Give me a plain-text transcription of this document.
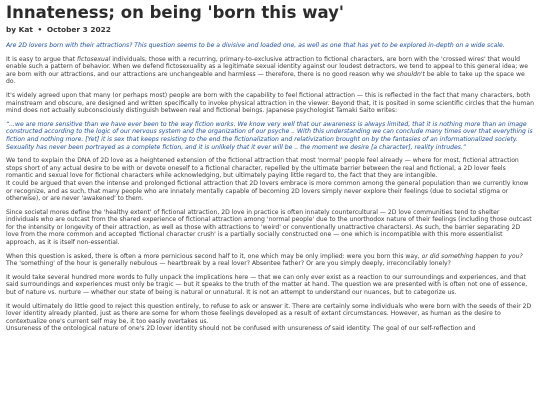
Innateness; on being 'born this way'
by Kat • October 3 2022

Are 2D lovers born with their attractions? This question seems to be a divisive and loaded one, as well as one that has yet to be explored in-depth on a wide scale.

It is easy to argue that fictosexual individuals, those with a recurring, primary-to-exclusive attraction to fictional characters, are born with the 'crossed wires' that would enable such a pattern of behavior. When we defend fictosexuality as a legitimate sexual identity against our loudest detractors, we tend to appeal to this general idea; we are born with our attractions, and our attractions are unchangeable and harmless — therefore, there is no good reason why we shouldn't be able to take up the space we do.

It's widely agreed upon that many (or perhaps most) people are born with the capability to feel fictional attraction — this is reflected in the fact that many characters, both mainstream and obscure, are designed and written specifically to invoke physical attraction in the viewer. Beyond that, it is posited in some scientific circles that the human mind does not actually subconsciously distinguish between real and fictional beings. Japanese psychologist Tamaki Saito writes:

“...we are more sensitive than we have ever been to the way fiction works. We know very well that our awareness is always limited, that it is nothing more than an image constructed according to the logic of our nervous system and the organization of our psyche .. With this understanding we can conclude many times over that everything is fiction and nothing more. [Yet] it is sex that keeps resisting to the end the fictionalization and relativization brought on by the fantasies of an informationalized society. Sexuality has never been portrayed as a complete fiction, and it is unlikely that it ever will be .. the moment we desire [a character], reality intrudes.”

We tend to explain the DNA of 2D love as a heightened extension of the fictional attraction that most 'normal' people feel already — where for most, fictional attraction stops short of any actual desire to be with or devote oneself to a fictional character, repelled by the ultimate barrier between the real and fictional, a 2D lover feels romantic and sexual love for fictional characters while acknowledging, but ultimately paying little regard to, the fact that they are intangible.

It could be argued that even the intense and prolonged fictional attraction that 2D lovers embrace is more common among the general population than we currently know or recognize, and as such, that many people who are innately mentally capable of becoming 2D lovers simply never explore their feelings (due to societal stigma or otherwise), or are never 'awakened' to them.

Since societal mores define the 'healthy extent' of fictional attraction, 2D love in practice is often innately countercultural — 2D love communities tend to shelter individuals who are outcast from the shared experience of fictional attraction among 'normal people' due to the unorthodox nature of their feelings (including those outcast for the intensity or longevity of their attraction, as well as those with attractions to 'weird' or conventionally unattractive characters). As such, the barrier separating 2D love from the more common and accepted 'fictional character crush' is a partially socially constructed one — one which is incompatible with this more essentialist approach, as it is itself non-essential.

When this question is asked, there is often a more pernicious second half to it, one which may be only implied: were you born this way, or did something happen to you? The 'something' of the hour is generally nebulous — heartbreak by a real lover? Absentee father? Or are you simply deeply, irreconcilably lonely?

It would take several hundred more words to fully unpack the implications here — that we can only ever exist as a reaction to our surroundings and experiences, and that said surroundings and experiences must only be tragic — but it speaks to the truth of the matter at hand. The question we are presented with is often not one of essence, but of nature vs. nurture — whether our state of being is natural or unnatural. It is not an attempt to understand our nuances, but to categorize us.

It would ultimately do little good to reject this question entirely, to refuse to ask or answer it. There are certainly some individuals who were born with the seeds of their 2D lover identity already planted, just as there are some for whom those feelings developed as a result of extant circumstances. However, as human as the desire to contextualize one's current self may be, it too easily overtakes us.

Unsureness of the ontological nature of one's 2D lover identity should not be confused with unsureness of said identity. The goal of our self-reflection and
